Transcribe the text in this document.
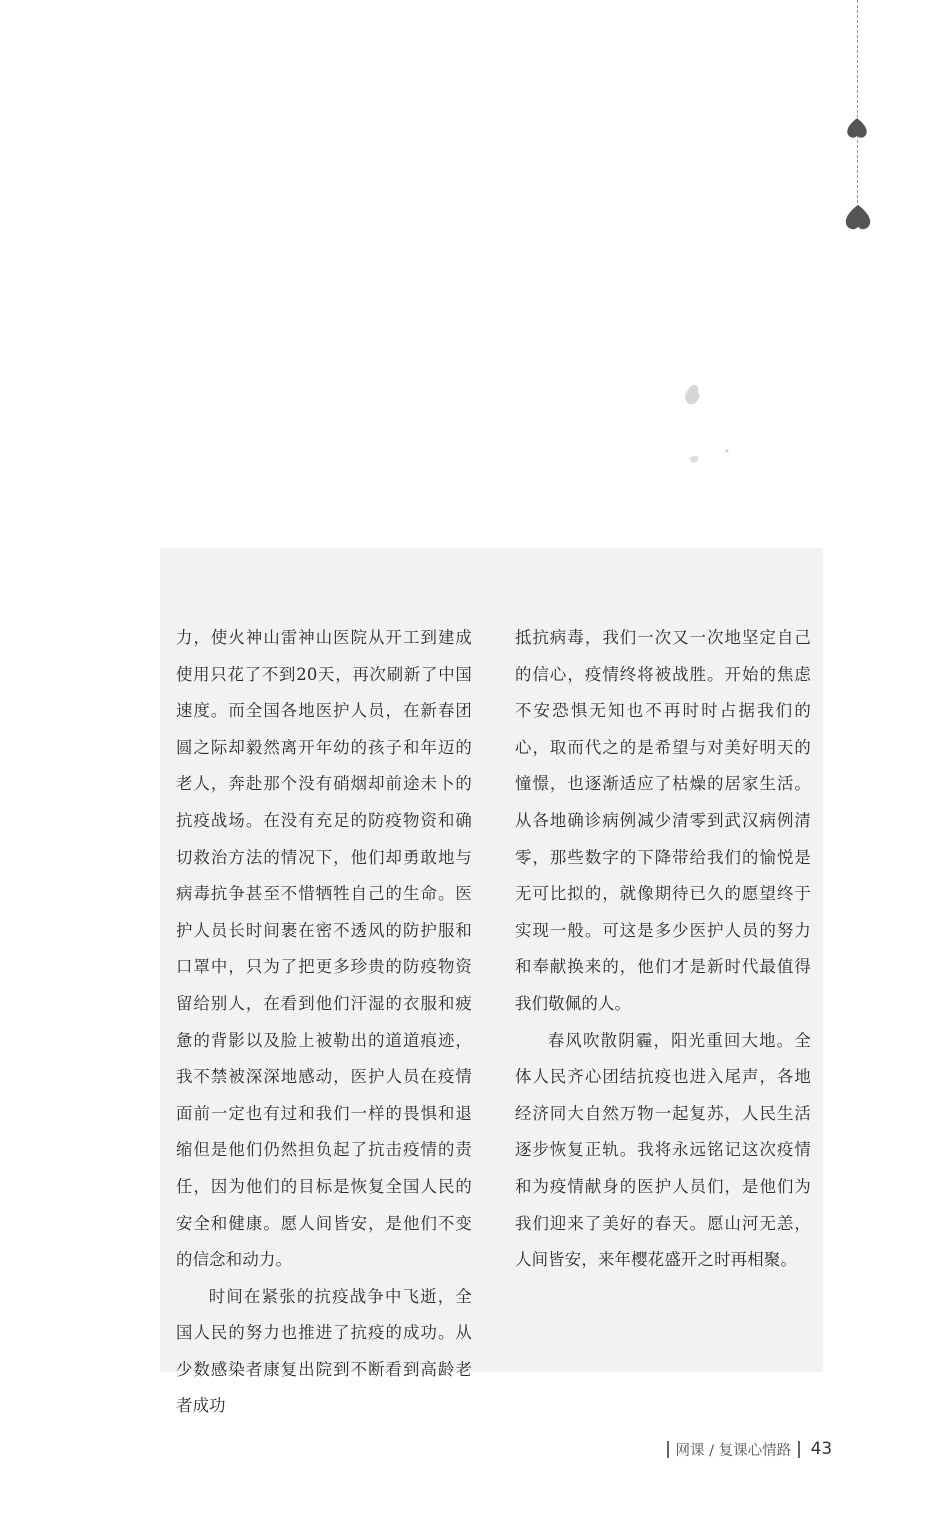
力，使火神山雷神山医院从开工到建成使用只花了不到20天，再次刷新了中国速度。而全国各地医护人员，在新春团圆之际却毅然离开年幼的孩子和年迈的老人，奔赴那个没有硝烟却前途未卜的抗疫战场。在没有充足的防疫物资和确切救治方法的情况下，他们却勇敢地与病毒抗争甚至不惜牺牲自己的生命。医护人员长时间裹在密不透风的防护服和口罩中，只为了把更多珍贵的防疫物资留给别人，在看到他们汗湿的衣服和疲惫的背影以及脸上被勒出的道道痕迹，我不禁被深深地感动，医护人员在疫情面前一定也有过和我们一样的畏惧和退缩但是他们仍然担负起了抗击疫情的责任，因为他们的目标是恢复全国人民的安全和健康。愿人间皆安，是他们不变的信念和动力。

时间在紧张的抗疫战争中飞逝，全国人民的努力也推进了抗疫的成功。从少数感染者康复出院到不断看到高龄老者成功

抵抗病毒，我们一次又一次地坚定自己的信心，疫情终将被战胜。开始的焦虑不安恐惧无知也不再时时占据我们的心，取而代之的是希望与对美好明天的憧憬，也逐渐适应了枯燥的居家生活。从各地确诊病例减少清零到武汉病例清零，那些数字的下降带给我们的愉悦是无可比拟的，就像期待已久的愿望终于实现一般。可这是多少医护人员的努力和奉献换来的，他们才是新时代最值得我们敬佩的人。

春风吹散阴霾，阳光重回大地。全体人民齐心团结抗疫也进入尾声，各地经济同大自然万物一起复苏，人民生活逐步恢复正轨。我将永远铭记这次疫情和为疫情献身的医护人员们，是他们为我们迎来了美好的春天。愿山河无恙，人间皆安，来年樱花盛开之时再相聚。

网课 / 复课心情路 43
